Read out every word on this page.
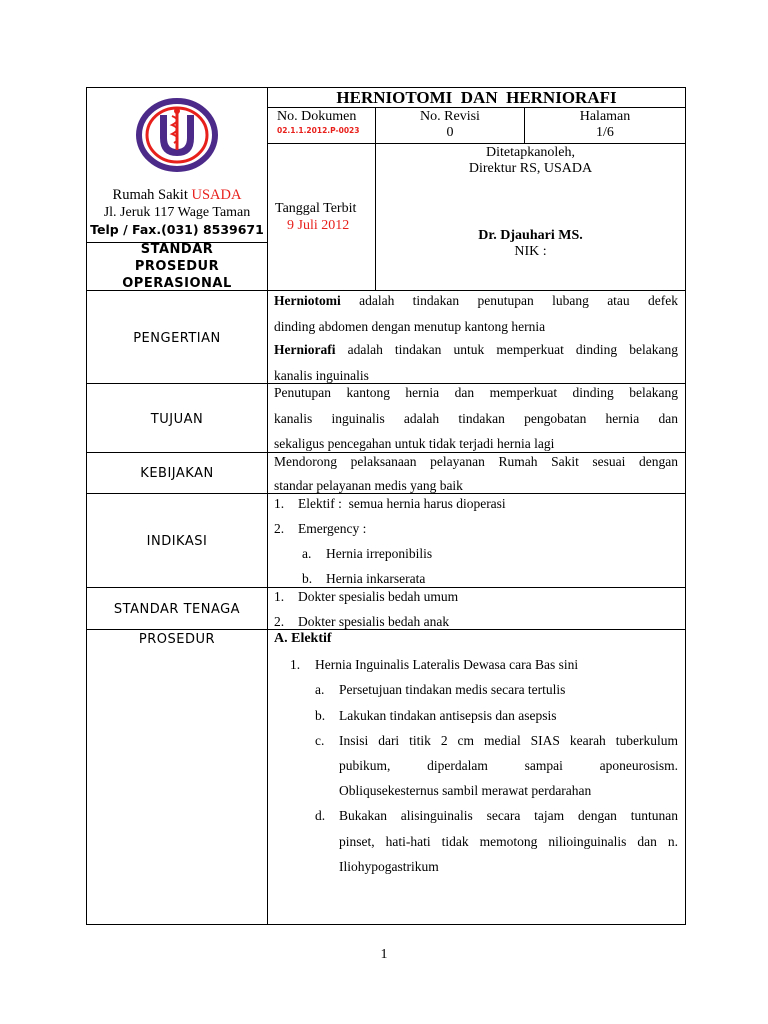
Rumah Sakit USADA
Jl. Jeruk 117 Wage Taman
Telp / Fax.(031) 8539671
STANDAR
PROSEDUR
OPERASIONAL
HERNIOTOMI  DAN  HERNIORAFI
No. Dokumen
02.1.1.2012.P-0023
No. Revisi
0
Halaman
1/6
Ditetapkanoleh,
Direktur RS, USADA
Tanggal Terbit
9 Juli 2012
Dr. Djauhari MS.
NIK :
PENGERTIAN
Herniotomi adalah tindakan penutupan lubang atau defek
dinding abdomen dengan menutup kantong hernia
Herniorafi adalah tindakan untuk memperkuat dinding belakang
kanalis inguinalis
TUJUAN
Penutupan kantong hernia dan memperkuat dinding belakang
kanalis inguinalis adalah tindakan pengobatan hernia dan
sekaligus pencegahan untuk tidak terjadi hernia lagi
KEBIJAKAN
Mendorong pelaksanaan pelayanan Rumah Sakit sesuai dengan
standar pelayanan medis yang baik
INDIKASI
1. Elektif :  semua hernia harus dioperasi
2. Emergency :
a. Hernia irreponibilis
b. Hernia inkarserata
STANDAR TENAGA
1. Dokter spesialis bedah umum
2. Dokter spesialis bedah anak
PROSEDUR	A. Elektif
1. Hernia Inguinalis Lateralis Dewasa cara Bas sini
a. Persetujuan tindakan medis secara tertulis
b. Lakukan tindakan antisepsis dan asepsis
c. Insisi dari titik 2 cm medial SIAS kearah tuberkulum
pubikum,        diperdalam        sampai        aponeurosism.
Obliqusekesternus sambil merawat perdarahan
d. Bukakan alisinguinalis secara tajam dengan tuntunan
pinset, hati-hati tidak memotong nilioinguinalis dan n.
Iliohypogastrikum
1
